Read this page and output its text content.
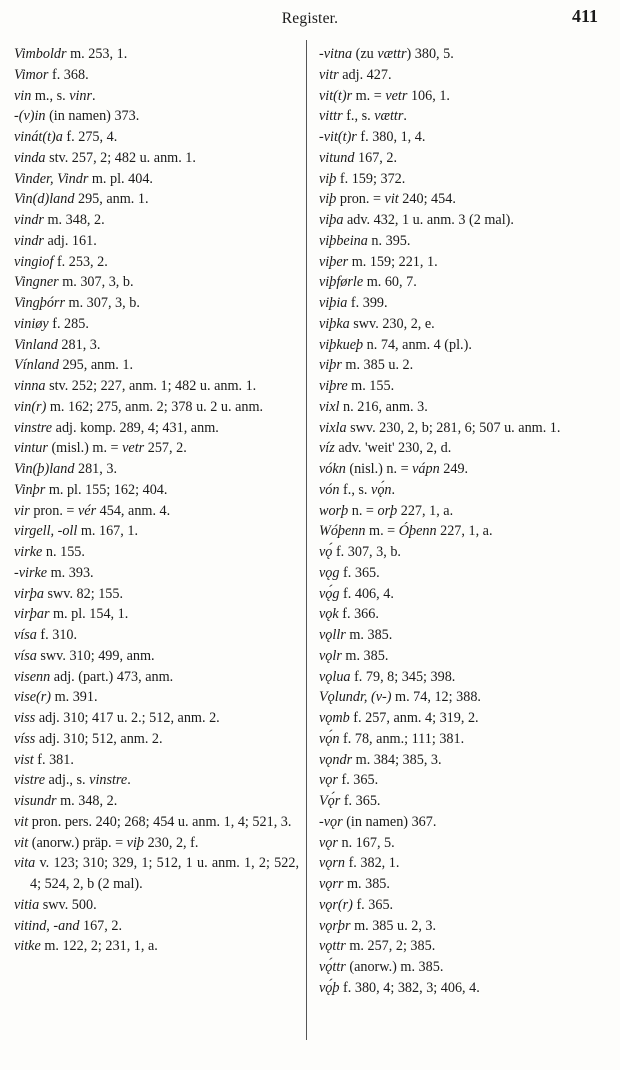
Register.	411
Vimboldr m. 253, 1.
Vimor f. 368.
vin m., s. vinr.
-(v)in (in namen) 373.
vinát(t)a f. 275, 4.
vinda stv. 257, 2; 482 u. anm. 1.
Vinder, Vindr m. pl. 404.
Vin(d)land 295, anm. 1.
vindr m. 348, 2.
vindr adj. 161.
vingiof f. 253, 2.
Vingner m. 307, 3, b.
Vingþórr m. 307, 3, b.
viniøy f. 285.
Vinland 281, 3.
Vínland 295, anm. 1.
vinna stv. 252; 227, anm. 1; 482 u. anm. 1.
vin(r) m. 162; 275, anm. 2; 378 u. 2 u. anm.
vinstre adj. komp. 289, 4; 431, anm.
vintur (misl.) m. = vetr 257, 2.
Vin(þ)land 281, 3.
Vinþr m. pl. 155; 162; 404.
vir pron. = vér 454, anm. 4.
virgell, -oll m. 167, 1.
virke n. 155.
-virke m. 393.
virþa swv. 82; 155.
virþar m. pl. 154, 1.
vísa f. 310.
vísa swv. 310; 499, anm.
visenn adj. (part.) 473, anm.
vise(r) m. 391.
viss adj. 310; 417 u. 2.; 512, anm. 2.
víss adj. 310; 512, anm. 2.
vist f. 381.
vistre adj., s. vinstre.
visundr m. 348, 2.
vit pron. pers. 240; 268; 454 u. anm. 1, 4; 521, 3.
vit (anorw.) präp. = viþ 230, 2, f.
vita v. 123; 310; 329, 1; 512, 1 u. anm. 1, 2; 522, 4; 524, 2, b (2 mal).
vitia swv. 500.
vitind, -and 167, 2.
vitke m. 122, 2; 231, 1, a.
-vitna (zu vættr) 380, 5.
vitr adj. 427.
vit(t)r m. = vetr 106, 1.
vittr f., s. vættr.
-vit(t)r f. 380, 1, 4.
vitund 167, 2.
viþ f. 159; 372.
viþ pron. = vit 240; 454.
viþa adv. 432, 1 u. anm. 3 (2 mal).
viþbeina n. 395.
viþer m. 159; 221, 1.
viþførle m. 60, 7.
viþia f. 399.
viþka swv. 230, 2, e.
viþkueþ n. 74, anm. 4 (pl.).
viþr m. 385 u. 2.
viþre m. 155.
vixl n. 216, anm. 3.
vixla swv. 230, 2, b; 281, 6; 507 u. anm. 1.
víz adv. 'weit' 230, 2, d.
vókn (nisl.) n. = vápn 249.
vón f., s. vǫ́n.
worþ n. = orþ 227, 1, a.
Wóþenn m. = Óþenn 227, 1, a.
vǫ́ f. 307, 3, b.
vǫg f. 365.
vǫ́g f. 406, 4.
vǫk f. 366.
vǫllr m. 385.
vǫlr m. 385.
vǫlua f. 79, 8; 345; 398.
Vǫlundr, (v-) m. 74, 12; 388.
vǫmb f. 257, anm. 4; 319, 2.
vǫ́n f. 78, anm.; 111; 381.
vǫndr m. 384; 385, 3.
vǫr f. 365.
Vǫ́r f. 365.
-vǫr (in namen) 367.
vǫr n. 167, 5.
vǫrn f. 382, 1.
vǫrr m. 385.
vǫr(r) f. 365.
vǫrþr m. 385 u. 2, 3.
vǫttr m. 257, 2; 385.
vǫ́ttr (anorw.) m. 385.
vǫ́þ f. 380, 4; 382, 3; 406, 4.
